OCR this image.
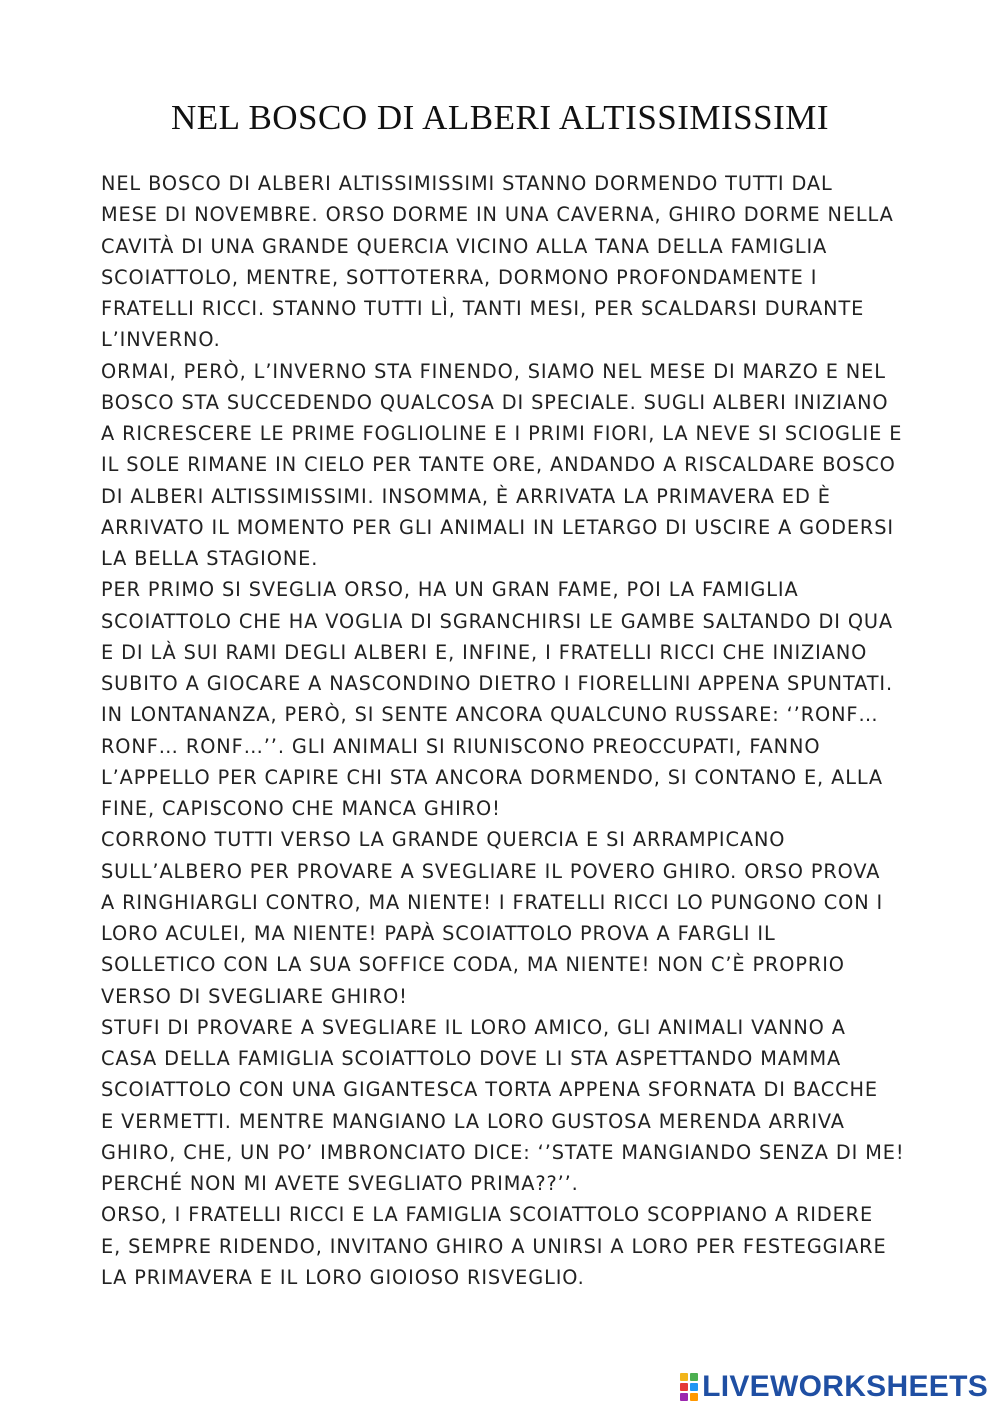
NEL BOSCO DI ALBERI ALTISSIMISSIMI
NEL BOSCO DI ALBERI ALTISSIMISSIMI STANNO DORMENDO TUTTI DAL
MESE DI NOVEMBRE. ORSO DORME IN UNA CAVERNA, GHIRO DORME NELLA
CAVITÀ DI UNA GRANDE QUERCIA VICINO ALLA TANA DELLA FAMIGLIA
SCOIATTOLO, MENTRE, SOTTOTERRA, DORMONO PROFONDAMENTE I
FRATELLI RICCI. STANNO TUTTI LÌ, TANTI MESI, PER SCALDARSI DURANTE
L’INVERNO.
ORMAI, PERÒ, L’INVERNO STA FINENDO, SIAMO NEL MESE DI MARZO E NEL
BOSCO STA SUCCEDENDO QUALCOSA DI SPECIALE. SUGLI ALBERI INIZIANO
A RICRESCERE LE PRIME FOGLIOLINE E I PRIMI FIORI, LA NEVE SI SCIOGLIE E
IL SOLE RIMANE IN CIELO PER TANTE ORE, ANDANDO A RISCALDARE BOSCO
DI ALBERI ALTISSIMISSIMI. INSOMMA, È ARRIVATA LA PRIMAVERA ED È
ARRIVATO IL MOMENTO PER GLI ANIMALI IN LETARGO DI USCIRE A GODERSI
LA BELLA STAGIONE.
PER PRIMO SI SVEGLIA ORSO, HA UN GRAN FAME, POI LA FAMIGLIA
SCOIATTOLO CHE HA VOGLIA DI SGRANCHIRSI LE GAMBE SALTANDO DI QUA
E DI LÀ SUI RAMI DEGLI ALBERI E, INFINE, I FRATELLI RICCI CHE INIZIANO
SUBITO A GIOCARE A NASCONDINO DIETRO I FIORELLINI APPENA SPUNTATI.
IN LONTANANZA, PERÒ, SI SENTE ANCORA QUALCUNO RUSSARE: ‘’RONF…
RONF… RONF…’’. GLI ANIMALI SI RIUNISCONO PREOCCUPATI, FANNO
L’APPELLO PER CAPIRE CHI STA ANCORA DORMENDO, SI CONTANO E, ALLA
FINE, CAPISCONO CHE MANCA GHIRO!
CORRONO TUTTI VERSO LA GRANDE QUERCIA E SI ARRAMPICANO
SULL’ALBERO PER PROVARE A SVEGLIARE IL POVERO GHIRO. ORSO PROVA
A RINGHIARGLI CONTRO, MA NIENTE! I FRATELLI RICCI LO PUNGONO CON I
LORO ACULEI, MA NIENTE! PAPÀ SCOIATTOLO PROVA A FARGLI IL
SOLLETICO CON LA SUA SOFFICE CODA, MA NIENTE! NON C’È PROPRIO
VERSO DI SVEGLIARE GHIRO!
STUFI DI PROVARE A SVEGLIARE IL LORO AMICO, GLI ANIMALI VANNO A
CASA DELLA FAMIGLIA SCOIATTOLO DOVE LI STA ASPETTANDO MAMMA
SCOIATTOLO CON UNA GIGANTESCA TORTA APPENA SFORNATA DI BACCHE
E VERMETTI. MENTRE MANGIANO LA LORO GUSTOSA MERENDA ARRIVA
GHIRO, CHE, UN PO’ IMBRONCIATO DICE: ‘’STATE MANGIANDO SENZA DI ME!
PERCHÉ NON MI AVETE SVEGLIATO PRIMA??’’.
ORSO, I FRATELLI RICCI E LA FAMIGLIA SCOIATTOLO SCOPPIANO A RIDERE
E, SEMPRE RIDENDO, INVITANO GHIRO A UNIRSI A LORO PER FESTEGGIARE
LA PRIMAVERA E IL LORO GIOIOSO RISVEGLIO.
LIVEWORKSHEETS
